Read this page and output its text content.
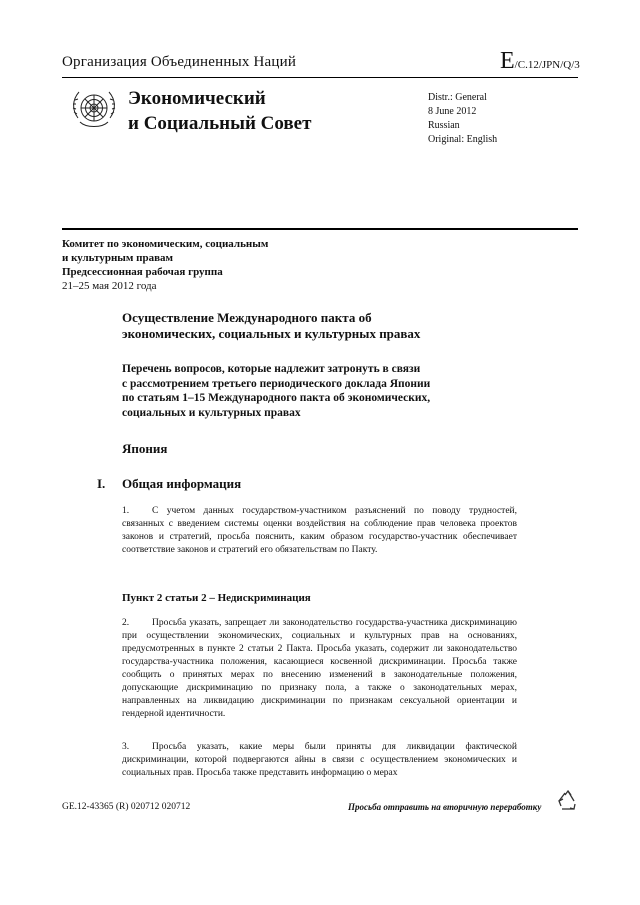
Организация Объединенных Наций	E/C.12/JPN/Q/3
Экономический
и Социальный Совет
Distr.: General
8 June 2012
Russian
Original: English
Комитет по экономическим, социальным
и культурным правам
Предсессионная рабочая группа
21–25 мая 2012 года
Осуществление Международного пакта об
экономических, социальных и культурных правах
Перечень вопросов, которые надлежит затронуть в связи
с рассмотрением третьего периодического доклада Японии
по статьям 1–15 Международного пакта об экономических,
социальных и культурных правах
Япония
I. Общая информация
1. С учетом данных государством-участником разъяснений по поводу трудностей, связанных с введением системы оценки воздействия на соблюдение прав человека проектов законов и стратегий, просьба пояснить, каким образом государство-участник обеспечивает соответствие законов и стратегий его обязательствам по Пакту.
Пункт 2 статьи 2 – Недискриминация
2. Просьба указать, запрещает ли законодательство государства-участника дискриминацию при осуществлении экономических, социальных и культурных прав на основаниях, предусмотренных в пункте 2 статьи 2 Пакта. Просьба указать, содержит ли законодательство государства-участника положения, касающиеся косвенной дискриминации. Просьба также сообщить о принятых мерах по внесению изменений в законодательные положения, допускающие дискриминацию по признаку пола, а также о законодательных мерах, направленных на ликвидацию дискриминации по признакам сексуальной ориентации и гендерной идентичности.
3. Просьба указать, какие меры были приняты для ликвидации фактической дискриминации, которой подвергаются айны в связи с осуществлением экономических и социальных прав. Просьба также представить информацию о мерах
GE.12-43365 (R) 020712 020712	Просьба отправить на вторичную переработку
